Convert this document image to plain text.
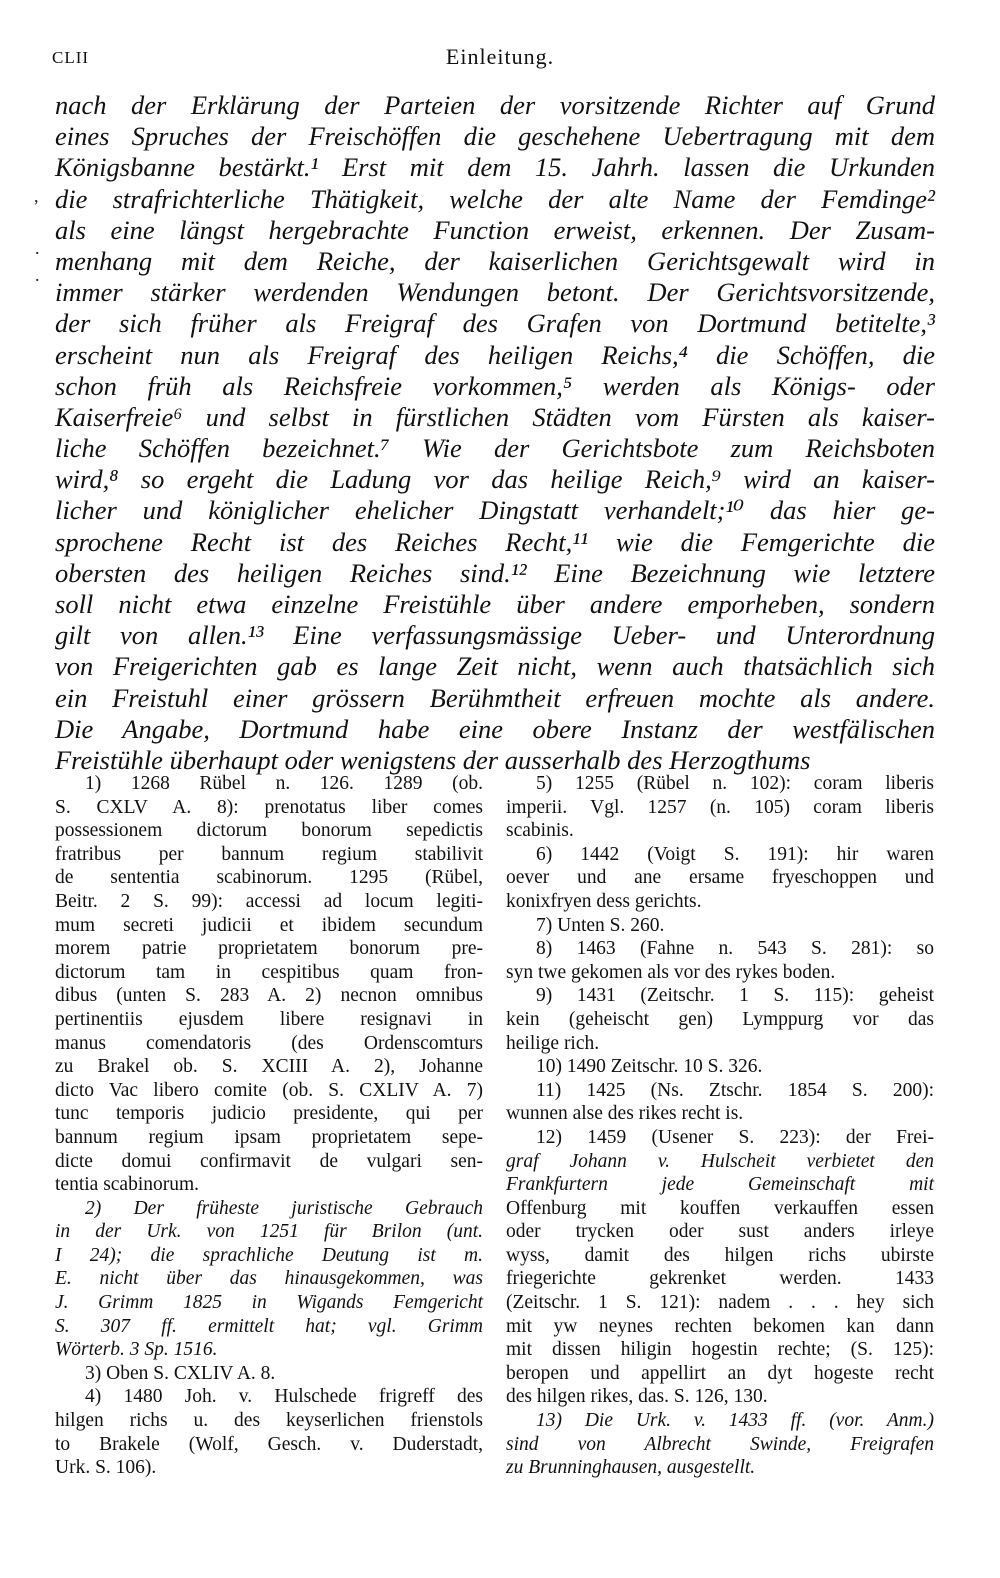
CLII	Einleitung.
nach der Erklärung der Parteien der vorsitzende Richter auf Grund
eines Spruches der Freischöffen die geschehene Uebertragung mit dem
Königsbanne bestärkt.¹ Erst mit dem 15. Jahrh. lassen die Urkunden
die strafrichterliche Thätigkeit, welche der alte Name der Femdinge²
als eine längst hergebrachte Function erweist, erkennen. Der Zusam-
menhang mit dem Reiche, der kaiserlichen Gerichtsgewalt wird in
immer stärker werdenden Wendungen betont. Der Gerichtsvorsitzende,
der sich früher als Freigraf des Grafen von Dortmund betitelte,³
erscheint nun als Freigraf des heiligen Reichs,⁴ die Schöffen, die
schon früh als Reichsfreie vorkommen,⁵ werden als Königs- oder
Kaiserfreie⁶ und selbst in fürstlichen Städten vom Fürsten als kaiser-
liche Schöffen bezeichnet.⁷ Wie der Gerichtsbote zum Reichsboten
wird,⁸ so ergeht die Ladung vor das heilige Reich,⁹ wird an kaiser-
licher und königlicher ehelicher Dingstatt verhandelt;¹⁰ das hier ge-
sprochene Recht ist des Reiches Recht,¹¹ wie die Femgerichte die
obersten des heiligen Reiches sind.¹² Eine Bezeichnung wie letztere
soll nicht etwa einzelne Freistühle über andere emporheben, sondern
gilt von allen.¹³ Eine verfassungsmässige Ueber- und Unterordnung
von Freigerichten gab es lange Zeit nicht, wenn auch thatsächlich sich
ein Freistuhl einer grössern Berühmtheit erfreuen mochte als andere.
Die Angabe, Dortmund habe eine obere Instanz der westfälischen
Freistühle überhaupt oder wenigstens der ausserhalb des Herzogthums
1) 1268 Rübel n. 126. 1289 (ob.
S. CXLV A. 8): prenotatus liber comes
possessionem dictorum bonorum sepedictis
fratribus per bannum regium stabilivit
de sententia scabinorum. 1295 (Rübel,
Beitr. 2 S. 99): accessi ad locum legiti-
mum secreti judicii et ibidem secundum
morem patrie proprietatem bonorum pre-
dictorum tam in cespitibus quam fron-
dibus (unten S. 283 A. 2) necnon omnibus
pertinentiis ejusdem libere resignavi in
manus comendatoris (des Ordenscomturs
zu Brakel ob. S. XCIII A. 2), Johanne
dicto Vac libero comite (ob. S. CXLIV A. 7)
tunc temporis judicio presidente, qui per
bannum regium ipsam proprietatem sepe-
dicte domui confirmavit de vulgari sen-
tentia scabinorum.
2) Der früheste juristische Gebrauch
in der Urk. von 1251 für Brilon (unt.
I 24); die sprachliche Deutung ist m.
E. nicht über das hinausgekommen, was
J. Grimm 1825 in Wigands Femgericht
S. 307 ff. ermittelt hat; vgl. Grimm
Wörterb. 3 Sp. 1516.
3) Oben S. CXLIV A. 8.
4) 1480 Joh. v. Hulschede frigreff des
hilgen richs u. des keyserlichen frienstols
to Brakele (Wolf, Gesch. v. Duderstadt,
Urk. S. 106).
5) 1255 (Rübel n. 102): coram liberis
imperii. Vgl. 1257 (n. 105) coram liberis
scabinis.
6) 1442 (Voigt S. 191): hir waren
oever und ane ersame fryeschoppen und
konixfryen dess gerichts.
7) Unten S. 260.
8) 1463 (Fahne n. 543 S. 281): so
syn twe gekomen als vor des rykes boden.
9) 1431 (Zeitschr. 1 S. 115): geheist
kein (geheischt gen) Lymppurg vor das
heilige rich.
10) 1490 Zeitschr. 10 S. 326.
11) 1425 (Ns. Ztschr. 1854 S. 200):
wunnen alse des rikes recht is.
12) 1459 (Usener S. 223): der Frei-
graf Johann v. Hulscheit verbietet den
Frankfurtern jede Gemeinschaft mit
Offenburg mit kouffen verkauffen essen
oder trycken oder sust anders irleye
wyss, damit des hilgen richs ubirste
friegerichte gekrenket werden. 1433
(Zeitschr. 1 S. 121): nadem . . . hey sich
mit yw neynes rechten bekomen kan dann
mit dissen hiligin hogestin rechte; (S. 125):
beropen und appellirt an dyt hogeste recht
des hilgen rikes, das. S. 126, 130.
13) Die Urk. v. 1433 ff. (vor. Anm.)
sind von Albrecht Swinde, Freigrafen
zu Brunninghausen, ausgestellt.
,
.
.
